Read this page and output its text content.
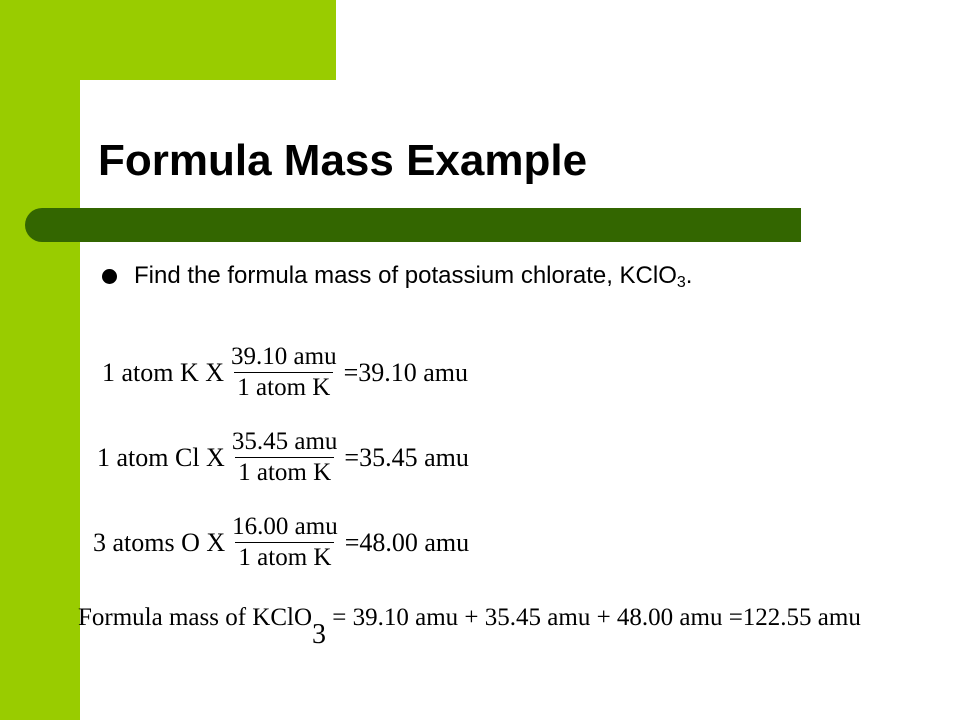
Formula Mass Example
Find the formula mass of potassium chlorate, KClO$_3$.
1 atom K X $\frac{\text{39.10 amu}}{\text{1 atom K}} = 39.10$ amu
1 atom Cl X $\frac{\text{35.45 amu}}{\text{1 atom K}} = 35.45$ amu
3 atoms O X $\frac{\text{16.00 amu}}{\text{1 atom K}} = 48.00$ amu
Formula mass of KClO3 = 39.10 amu + 35.45 amu + 48.00 amu =122.55 amu
